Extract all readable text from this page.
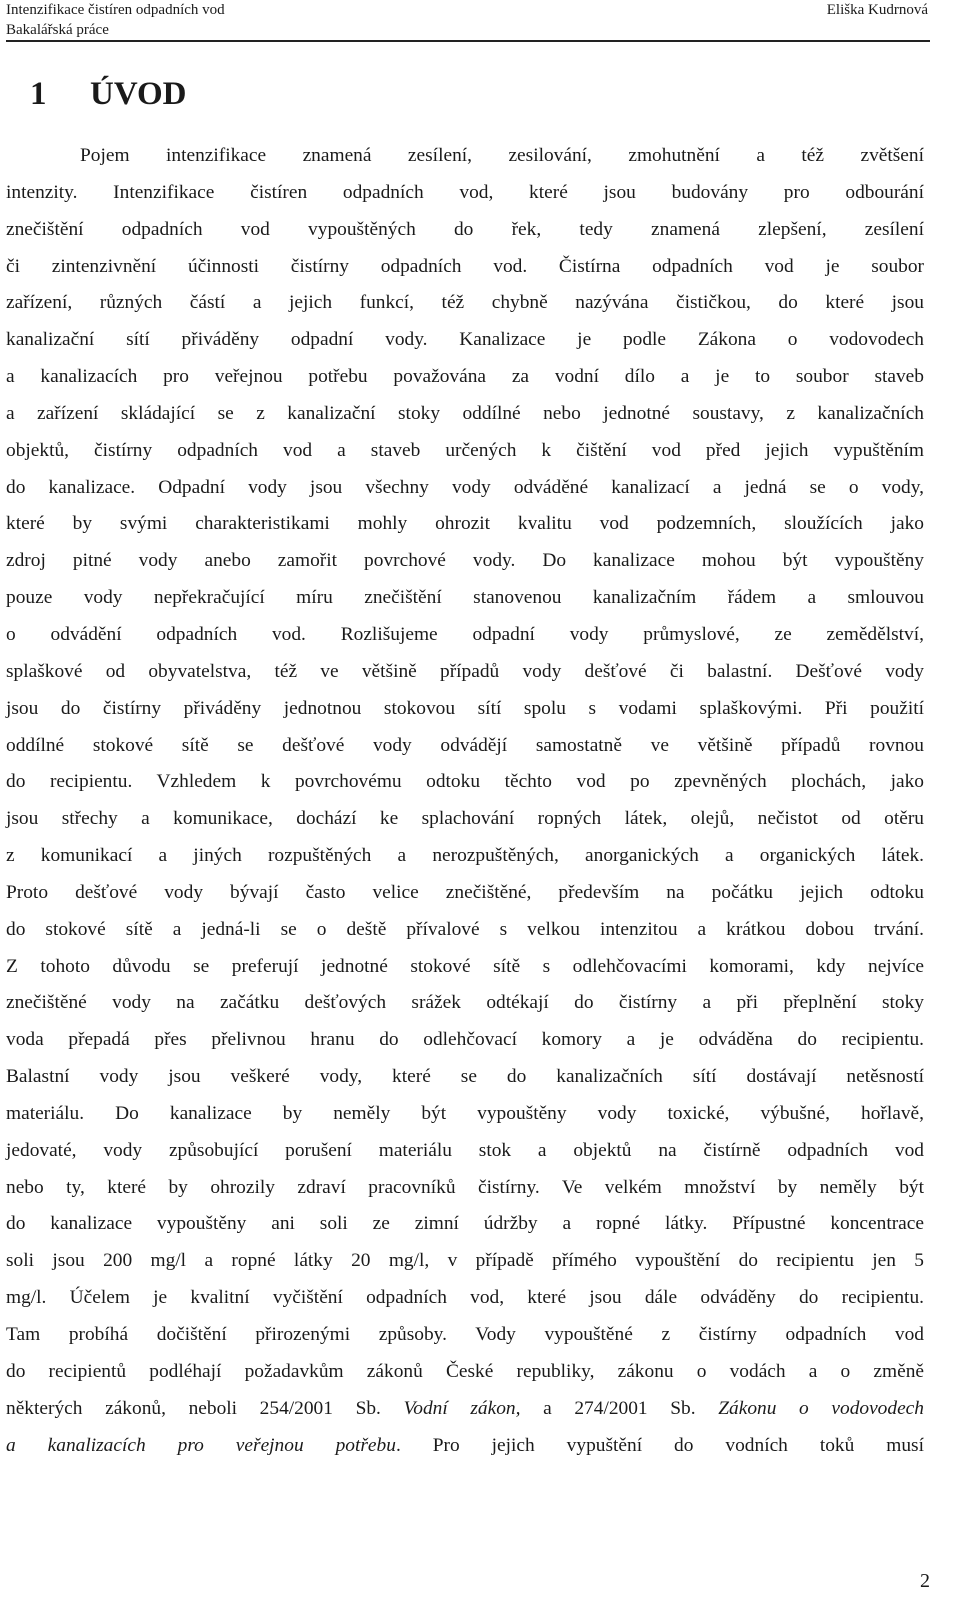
Intenzifikace čistíren odpadních vod
Bakalářská práce
Eliška Kudrnová
1 ÚVOD
Pojem intenzifikace znamená zesílení, zesilování, zmohutnění a též zvětšení
intenzity. Intenzifikace čistíren odpadních vod, které jsou budovány pro odbourání
znečištění odpadních vod vypouštěných do řek, tedy znamená zlepšení, zesílení
či zintenzivnění účinnosti čistírny odpadních vod. Čistírna odpadních vod je soubor
zařízení, různých částí a jejich funkcí, též chybně nazývána čističkou, do které jsou
kanalizační sítí přiváděny odpadní vody. Kanalizace je podle Zákona o vodovodech
a kanalizacích pro veřejnou potřebu považována za vodní dílo a je to soubor staveb
a zařízení skládající se z kanalizační stoky oddílné nebo jednotné soustavy, z kanalizačních
objektů, čistírny odpadních vod a staveb určených k čištění vod před jejich vypuštěním
do kanalizace. Odpadní vody jsou všechny vody odváděné kanalizací a jedná se o vody,
které by svými charakteristikami mohly ohrozit kvalitu vod podzemních, sloužících jako
zdroj pitné vody anebo zamořit povrchové vody. Do kanalizace mohou být vypouštěny
pouze vody nepřekračující míru znečištění stanovenou kanalizačním řádem a smlouvou
o odvádění odpadních vod. Rozlišujeme odpadní vody průmyslové, ze zemědělství,
splaškové od obyvatelstva, též ve většině případů vody dešťové či balastní. Dešťové vody
jsou do čistírny přiváděny jednotnou stokovou sítí spolu s vodami splaškovými. Při použití
oddílné stokové sítě se dešťové vody odvádějí samostatně ve většině případů rovnou
do recipientu. Vzhledem k povrchovému odtoku těchto vod po zpevněných plochách, jako
jsou střechy a komunikace, dochází ke splachování ropných látek, olejů, nečistot od otěru
z komunikací a jiných rozpuštěných a nerozpuštěných, anorganických a organických látek.
Proto dešťové vody bývají často velice znečištěné, především na počátku jejich odtoku
do stokové sítě a jedná-li se o deště přívalové s velkou intenzitou a krátkou dobou trvání.
Z tohoto důvodu se preferují jednotné stokové sítě s odlehčovacími komorami, kdy nejvíce
znečištěné vody na začátku dešťových srážek odtékají do čistírny a při přeplnění stoky
voda přepadá přes přelivnou hranu do odlehčovací komory a je odváděna do recipientu.
Balastní vody jsou veškeré vody, které se do kanalizačních sítí dostávají netěsností
materiálu. Do kanalizace by neměly být vypouštěny vody toxické, výbušné, hořlavě,
jedovaté, vody způsobující porušení materiálu stok a objektů na čistírně odpadních vod
nebo ty, které by ohrozily zdraví pracovníků čistírny. Ve velkém množství by neměly být
do kanalizace vypouštěny ani soli ze zimní údržby a ropné látky. Přípustné koncentrace
soli jsou 200 mg/l a ropné látky 20 mg/l, v případě přímého vypouštění do recipientu jen 5
mg/l. Účelem je kvalitní vyčištění odpadních vod, které jsou dále odváděny do recipientu.
Tam probíhá dočištění přirozenými způsoby. Vody vypouštěné z čistírny odpadních vod
do recipientů podléhají požadavkům zákonů České republiky, zákonu o vodách a o změně
některých zákonů, neboli 254/2001 Sb. Vodní zákon, a 274/2001 Sb. Zákonu o vodovodech
a kanalizacích pro veřejnou potřebu. Pro jejich vypuštění do vodních toků musí
2
